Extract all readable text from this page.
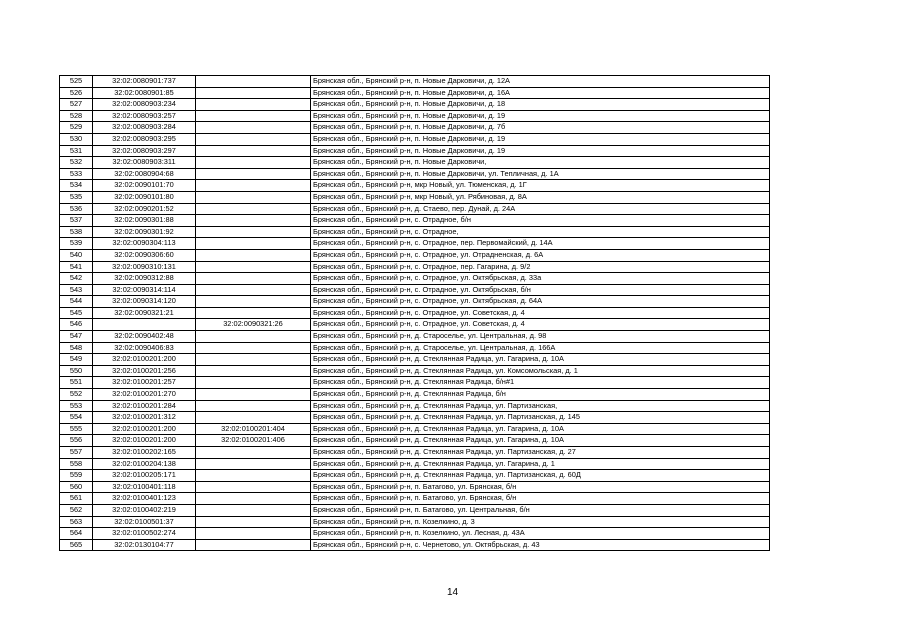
525	32:02:0080901:737		Брянская обл., Брянский р-н, п. Новые Дарковичи, д. 12А
526	32:02:0080901:85		Брянская обл., Брянский р-н, п. Новые Дарковичи, д. 16А
527	32:02:0080903:234		Брянская обл., Брянский р-н, п. Новые Дарковичи, д. 18
528	32:02:0080903:257		Брянская обл., Брянский р-н, п. Новые Дарковичи, д. 19
529	32:02:0080903:284		Брянская обл., Брянский р-н, п. Новые Дарковичи, д. 7б
530	32:02:0080903:295		Брянская обл., Брянский р-н, п. Новые Дарковичи, д. 19
531	32:02:0080903:297		Брянская обл., Брянский р-н, п. Новые Дарковичи, д. 19
532	32:02:0080903:311		Брянская обл., Брянский р-н, п. Новые Дарковичи,
533	32:02:0080904:68		Брянская обл., Брянский р-н, п. Новые Дарковичи, ул. Тепличная, д. 1А
534	32:02:0090101:70		Брянская обл., Брянский р-н, мкр Новый, ул. Тюменская, д. 1Г
535	32:02:0090101:80		Брянская обл., Брянский р-н, мкр Новый, ул. Рябиновая, д. 8А
536	32:02:0090201:52		Брянская обл., Брянский р-н, д. Стаево, пер. Дунай, д. 24А
537	32:02:0090301:88		Брянская обл., Брянский р-н, с. Отрадное, б/н
538	32:02:0090301:92		Брянская обл., Брянский р-н, с. Отрадное,
539	32:02:0090304:113		Брянская обл., Брянский р-н, с. Отрадное, пер. Первомайский, д. 14А
540	32:02:0090306:60		Брянская обл., Брянский р-н, с. Отрадное, ул. Отрадненская, д. 6А
541	32:02:0090310:131		Брянская обл., Брянский р-н, с. Отрадное, пер. Гагарина, д. 9/2
542	32:02:0090312:88		Брянская обл., Брянский р-н, с. Отрадное, ул. Октябрьская, д. 33а
543	32:02:0090314:114		Брянская обл., Брянский р-н, с. Отрадное, ул. Октябрьская, б/н
544	32:02:0090314:120		Брянская обл., Брянский р-н, с. Отрадное, ул. Октябрьская, д. 64А
545	32:02:0090321:21		Брянская обл., Брянский р-н, с. Отрадное, ул. Советская, д. 4
546		32:02:0090321:26	Брянская обл., Брянский р-н, с. Отрадное, ул. Советская, д. 4
547	32:02:0090402:48		Брянская обл., Брянский р-н, д. Староселье, ул. Центральная, д. 98
548	32:02:0090406:83		Брянская обл., Брянский р-н, д. Староселье, ул. Центральная, д. 166А
549	32:02:0100201:200		Брянская обл., Брянский р-н, д. Стеклянная Радица, ул. Гагарина, д. 10А
550	32:02:0100201:256		Брянская обл., Брянский р-н, д. Стеклянная Радица, ул. Комсомольская, д. 1
551	32:02:0100201:257		Брянская обл., Брянский р-н, д. Стеклянная Радица, б/н#1
552	32:02:0100201:270		Брянская обл., Брянский р-н, д. Стеклянная Радица, б/н
553	32:02:0100201:284		Брянская обл., Брянский р-н, д. Стеклянная Радица, ул. Партизанская,
554	32:02:0100201:312		Брянская обл., Брянский р-н, д. Стеклянная Радица, ул. Партизанская, д. 145
555	32:02:0100201:200	32:02:0100201:404	Брянская обл., Брянский р-н, д. Стеклянная Радица, ул. Гагарина, д. 10А
556	32:02:0100201:200	32:02:0100201:406	Брянская обл., Брянский р-н, д. Стеклянная Радица, ул. Гагарина, д. 10А
557	32:02:0100202:165		Брянская обл., Брянский р-н, д. Стеклянная Радица, ул. Партизанская, д. 27
558	32:02:0100204:138		Брянская обл., Брянский р-н, д. Стеклянная Радица, ул. Гагарина, д. 1
559	32:02:0100205:171		Брянская обл., Брянский р-н, д. Стеклянная Радица, ул. Партизанская, д. 60Д
560	32:02:0100401:118		Брянская обл., Брянский р-н, п. Батагово, ул. Брянская, б/н
561	32:02:0100401:123		Брянская обл., Брянский р-н, п. Батагово, ул. Брянская, б/н
562	32:02:0100402:219		Брянская обл., Брянский р-н, п. Батагово, ул. Центральная, б/н
563	32:02:0100501:37		Брянская обл., Брянский р-н, п. Козелкино, д. 3
564	32:02:0100502:274		Брянская обл., Брянский р-н, п. Козелкино, ул. Лесная, д. 43А
565	32:02:0130104:77		Брянская обл., Брянский р-н, с. Чернетово, ул. Октябрьская, д. 43
14
